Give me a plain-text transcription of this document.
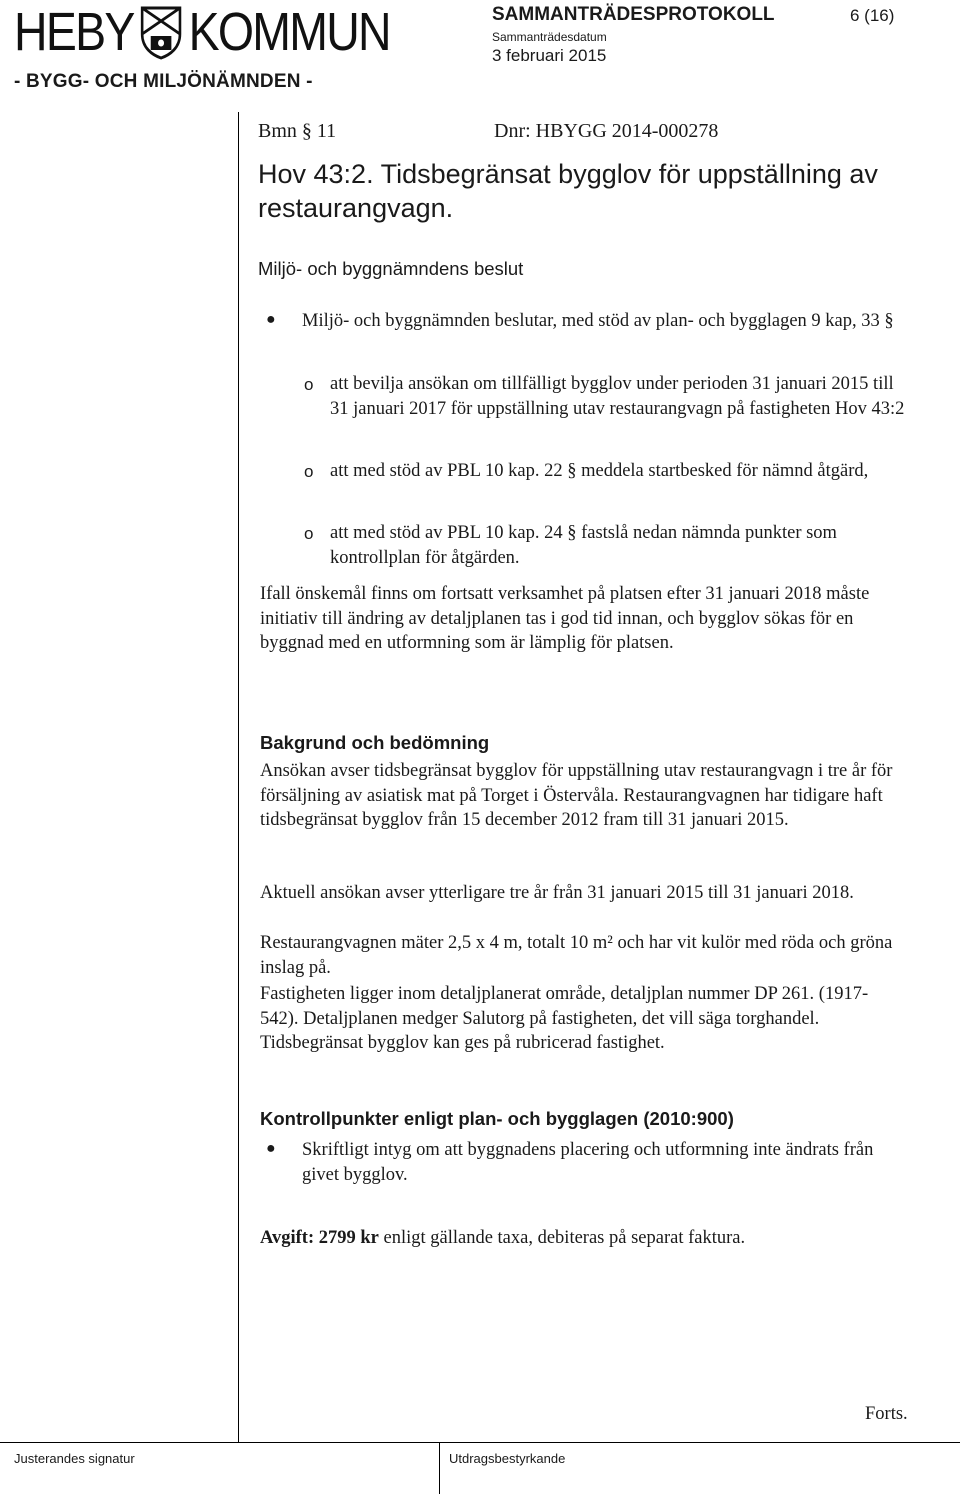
HEBY KOMMUN
- BYGG- OCH MILJÖNÄMNDEN -
SAMMANTRÄDESPROTOKOLL	6 (16)
Sammanträdesdatum
3 februari 2015
Bmn § 11	Dnr: HBYGG 2014-000278
Hov 43:2. Tidsbegränsat bygglov för uppställning av restaurangvagn.
Miljö- och byggnämndens beslut
● Miljö- och byggnämnden beslutar, med stöd av plan- och bygglagen 9 kap, 33 §
o att bevilja ansökan om tillfälligt bygglov under perioden 31 januari 2015 till 31 januari 2017 för uppställning utav restaurangvagn på fastigheten Hov 43:2
o att med stöd av PBL 10 kap. 22 § meddela startbesked för nämnd åtgärd,
o att med stöd av PBL 10 kap. 24 § fastslå nedan nämnda punkter som kontrollplan för åtgärden.
Ifall önskemål finns om fortsatt verksamhet på platsen efter 31 januari 2018 måste initiativ till ändring av detaljplanen tas i god tid innan, och bygglov sökas för en byggnad med en utformning som är lämplig för platsen.
Bakgrund och bedömning
Ansökan avser tidsbegränsat bygglov för uppställning utav restaurangvagn i tre år för försäljning av asiatisk mat på Torget i Östervåla. Restaurangvagnen har tidigare haft tidsbegränsat bygglov från 15 december 2012 fram till 31 januari 2015.
Aktuell ansökan avser ytterligare tre år från 31 januari 2015 till 31 januari 2018.
Restaurangvagnen mäter 2,5 x 4 m, totalt 10 m² och har vit kulör med röda och gröna inslag på.
Fastigheten ligger inom detaljplanerat område, detaljplan nummer DP 261. (1917-542). Detaljplanen medger Salutorg på fastigheten, det vill säga torghandel. Tidsbegränsat bygglov kan ges på rubricerad fastighet.
Kontrollpunkter enligt plan- och bygglagen (2010:900)
● Skriftligt intyg om att byggnadens placering och utformning inte ändrats från givet bygglov.
Avgift: 2799 kr enligt gällande taxa, debiteras på separat faktura.
Forts.
Justerandes signatur	Utdragsbestyrkande
